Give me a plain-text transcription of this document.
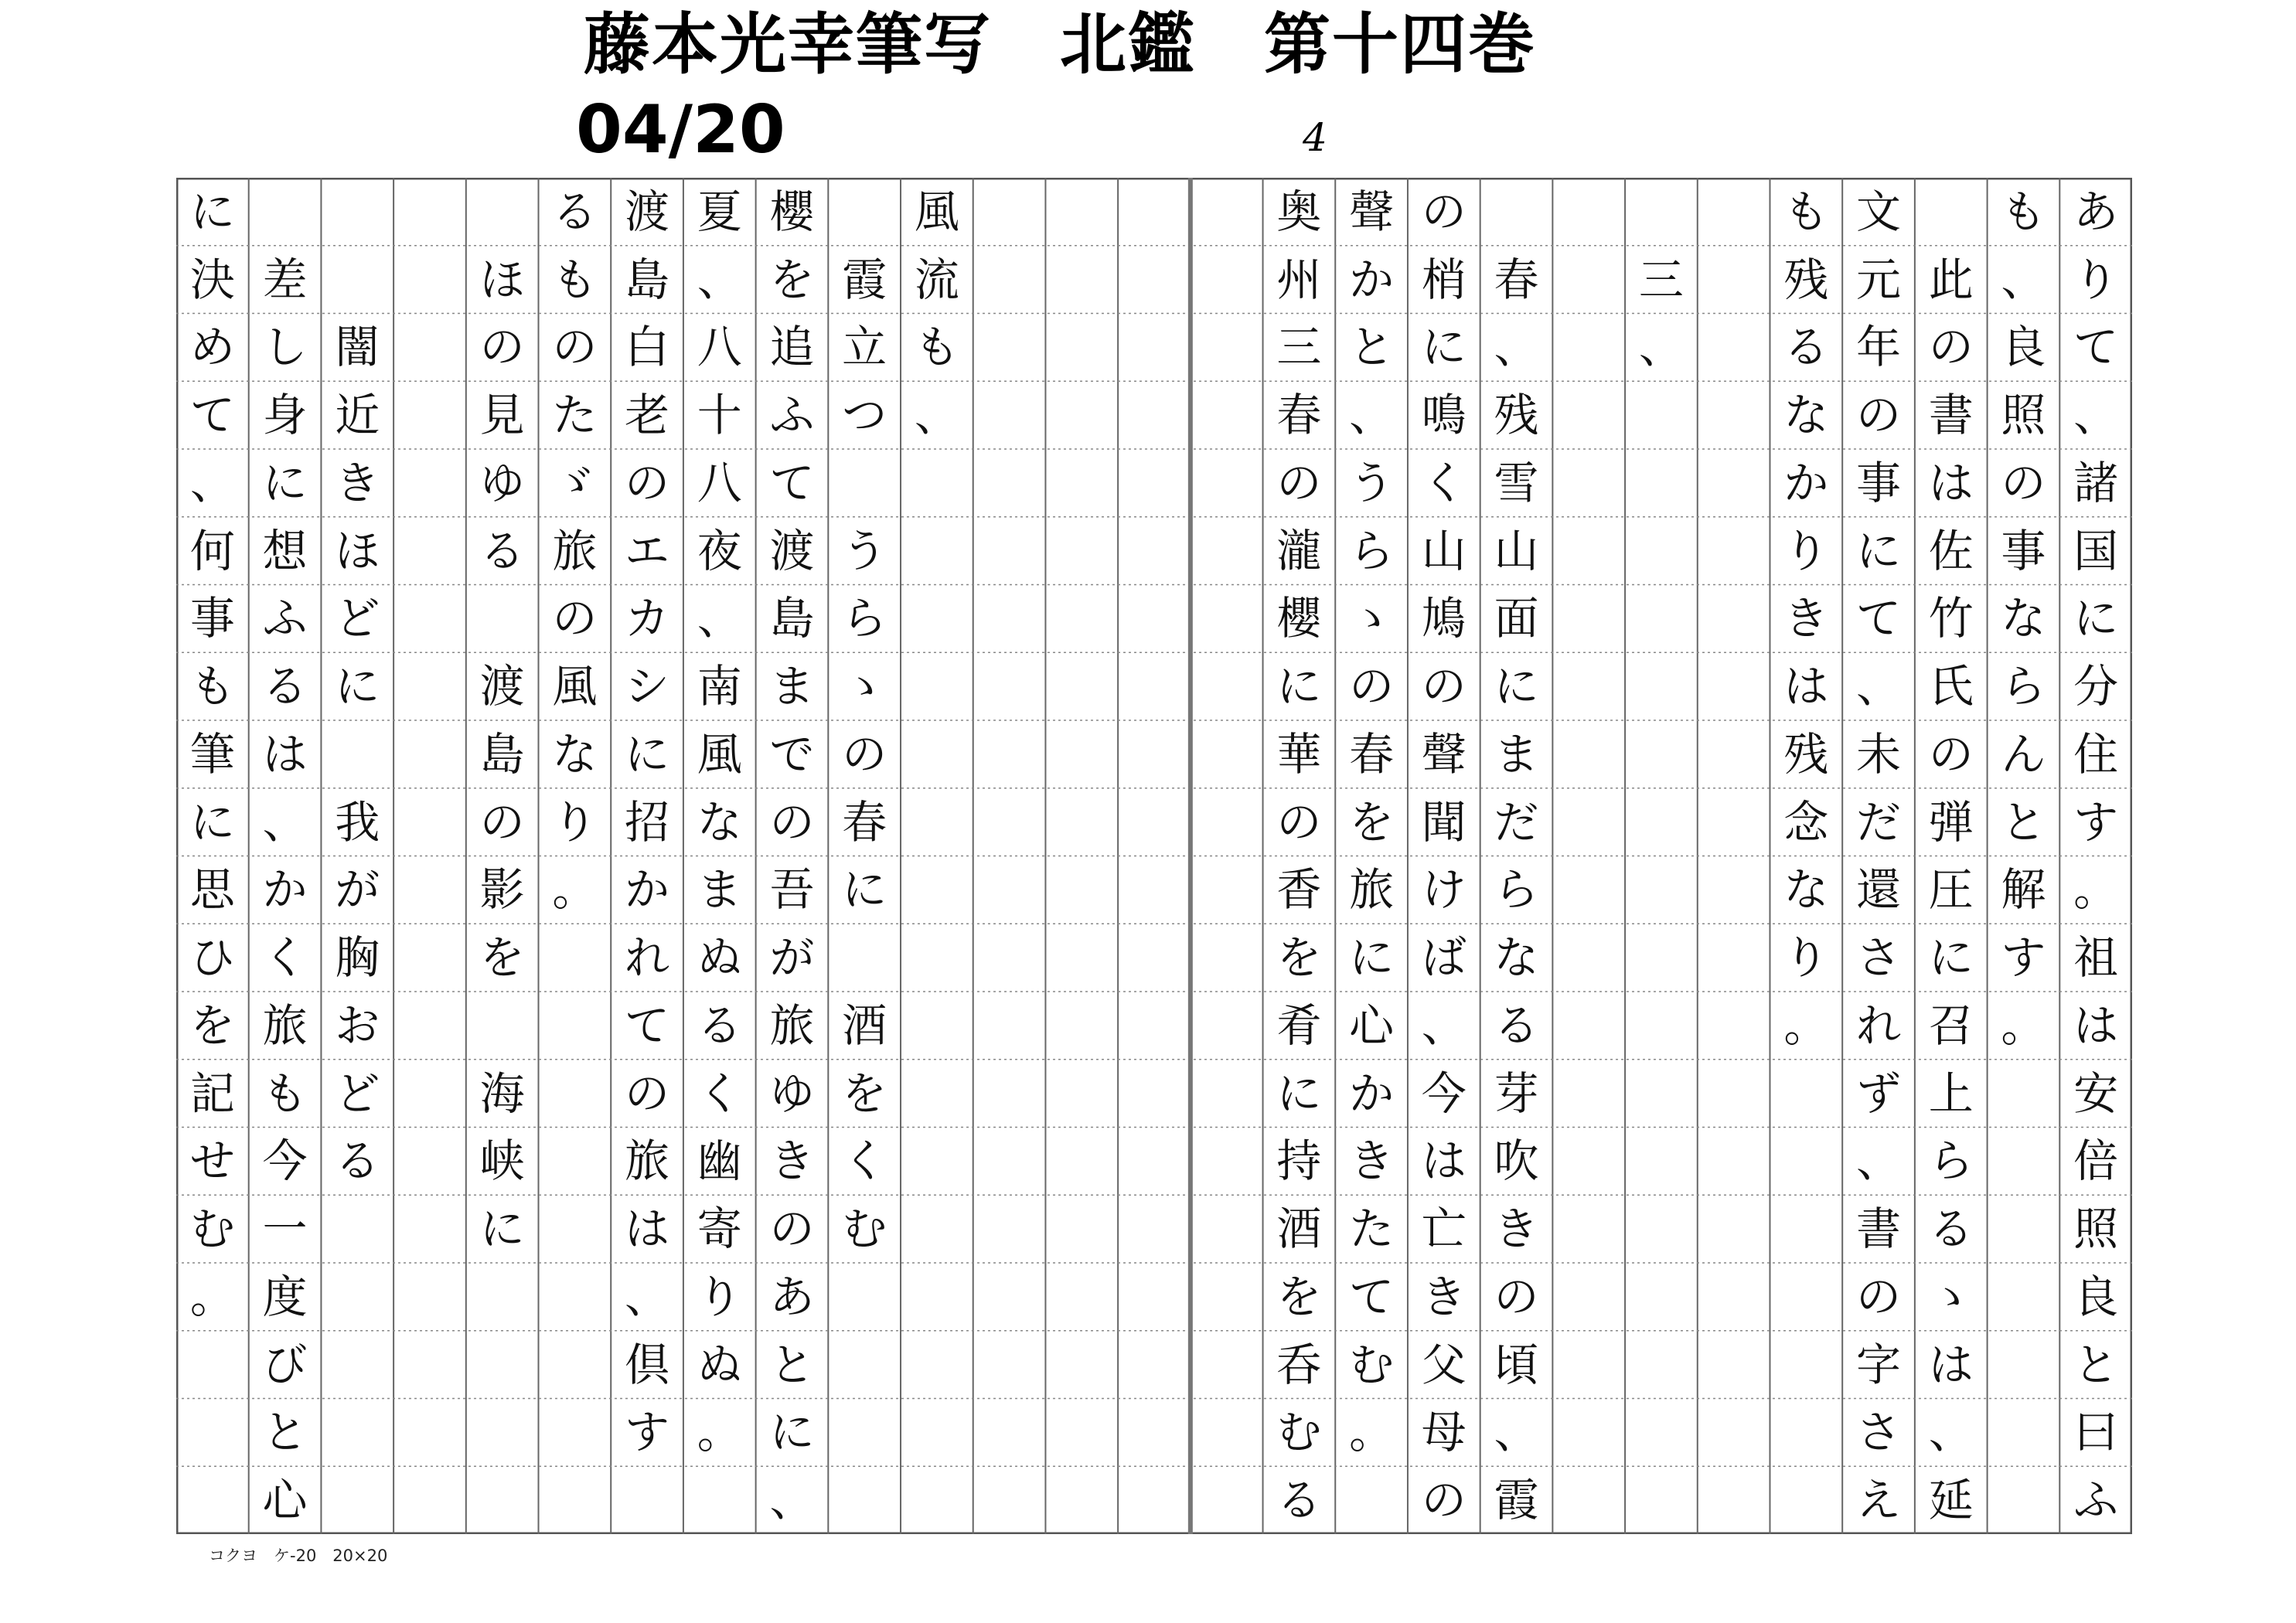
藤本光幸筆写　北鑑　第十四巻
04/20	4
あ
り
て
、
諸
国
に
分
住
す
。
祖
は
安
倍
照
良
と
曰
ふ
も
、
良
照
の
事
な
ら
ん
と
解
す
。

此
の
書
は
佐
竹
氏
の
弾
圧
に
召
上
ら
る
ゝ
は
、
延
文
元
年
の
事
に
て
、
未
だ
還
さ
れ
ず
、
書
の
字
さ
え
も
残
る
な
か
り
き
は
残
念
な
り
。

三
、

春
、
残
雪
山
面
に
ま
だ
ら
な
る
芽
吹
き
の
頃
、
霞
の
梢
に
鳴
く
山
鳩
の
聲
聞
け
ば
、
今
は
亡
き
父
母
の
聲
か
と
、
う
ら
ゝ
の
春
を
旅
に
心
か
き
た
て
む
。
奥
州
三
春
の
瀧
櫻
に
華
の
香
を
肴
に
持
酒
を
呑
む
る
風
流
も
、

霞
立
つ

う
ら
ゝ
の
春
に

酒
を
く
む
櫻
を
追
ふ
て
渡
島
ま
で
の
吾
が
旅
ゆ
き
の
あ
と
に
、
夏
、
八
十
八
夜
、
南
風
な
ま
ぬ
る
く
幽
寄
り
ぬ
。
渡
島
白
老
の
エ
カ
シ
に
招
か
れ
て
の
旅
は
、
倶
す
る
も
の
た
ゞ
旅
の
風
な
り
。

ほ
の
見
ゆ
る

渡
島
の
影
を

海
峡
に

闇
近
き
ほ
ど
に

我
が
胸
お
ど
る

差
し
身
に
想
ふ
る
は
、
か
く
旅
も
今
一
度
び
と
心
に
決
め
て
、
何
事
も
筆
に
思
ひ
を
記
せ
む
。
コクヨ　ケ-20　20×20
